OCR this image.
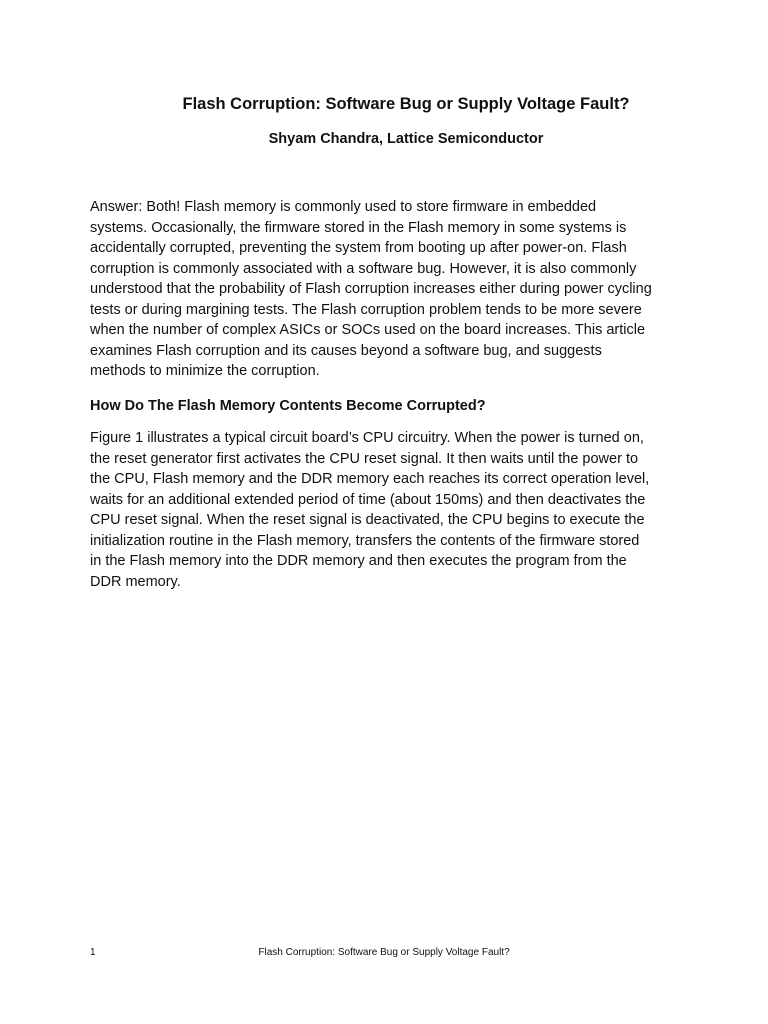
Flash Corruption: Software Bug or Supply Voltage Fault?
Shyam Chandra, Lattice Semiconductor
Answer: Both! Flash memory is commonly used to store firmware in embedded
systems. Occasionally, the firmware stored in the Flash memory in some systems is
accidentally corrupted, preventing the system from booting up after power-on. Flash
corruption is commonly associated with a software bug. However, it is also commonly
understood that the probability of Flash corruption increases either during power cycling
tests or during margining tests. The Flash corruption problem tends to be more severe
when the number of complex ASICs or SOCs used on the board increases. This article
examines Flash corruption and its causes beyond a software bug, and suggests
methods to minimize the corruption.
How Do The Flash Memory Contents Become Corrupted?
Figure 1 illustrates a typical circuit board’s CPU circuitry. When the power is turned on,
the reset generator first activates the CPU reset signal. It then waits until the power to
the CPU, Flash memory and the DDR memory each reaches its correct operation level,
waits for an additional extended period of time (about 150ms) and then deactivates the
CPU reset signal. When the reset signal is deactivated, the CPU begins to execute the
initialization routine in the Flash memory, transfers the contents of the firmware stored
in the Flash memory into the DDR memory and then executes the program from the
DDR memory.
1	Flash Corruption: Software Bug or Supply Voltage Fault?
